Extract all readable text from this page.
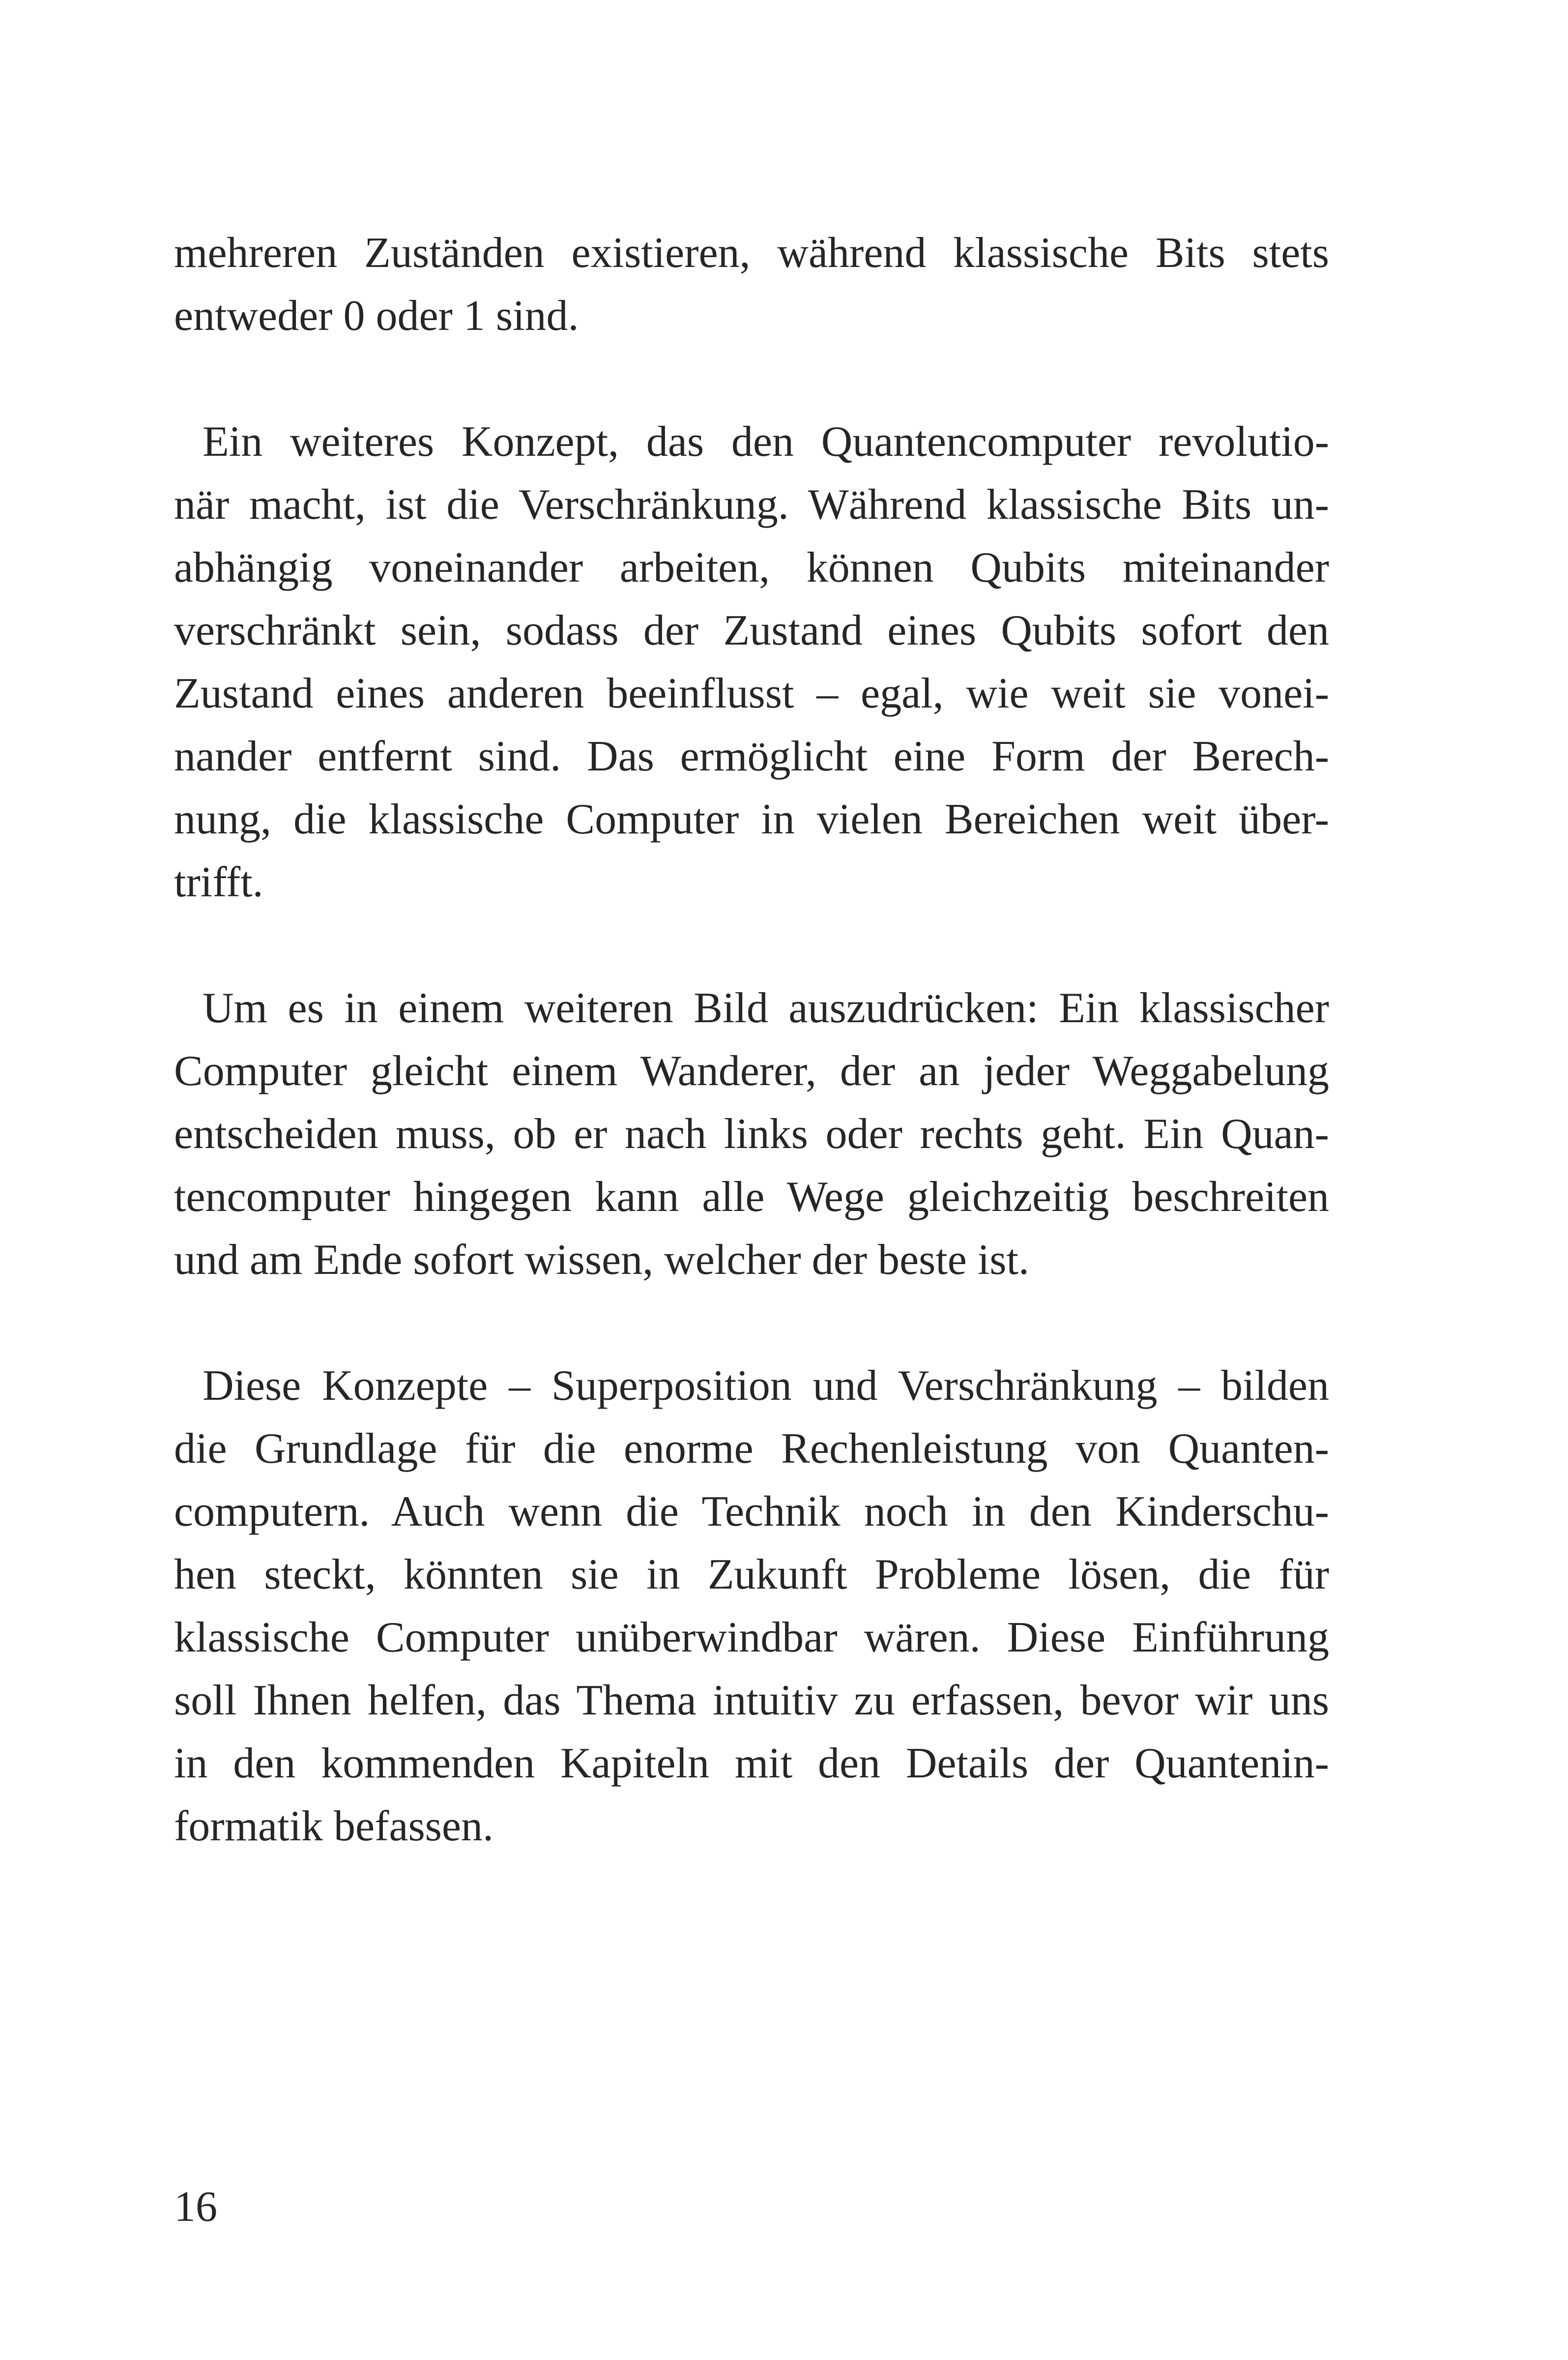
mehreren Zuständen existieren, während klassische Bits stets
entweder 0 oder 1 sind.
Ein weiteres Konzept, das den Quantencomputer revolutio-
när macht, ist die Verschränkung. Während klassische Bits un-
abhängig voneinander arbeiten, können Qubits miteinander
verschränkt sein, sodass der Zustand eines Qubits sofort den
Zustand eines anderen beeinflusst – egal, wie weit sie vonei-
nander entfernt sind. Das ermöglicht eine Form der Berech-
nung, die klassische Computer in vielen Bereichen weit über-
trifft.
Um es in einem weiteren Bild auszudrücken: Ein klassischer
Computer gleicht einem Wanderer, der an jeder Weggabelung
entscheiden muss, ob er nach links oder rechts geht. Ein Quan-
tencomputer hingegen kann alle Wege gleichzeitig beschreiten
und am Ende sofort wissen, welcher der beste ist.
Diese Konzepte – Superposition und Verschränkung – bilden
die Grundlage für die enorme Rechenleistung von Quanten-
computern. Auch wenn die Technik noch in den Kinderschu-
hen steckt, könnten sie in Zukunft Probleme lösen, die für
klassische Computer unüberwindbar wären. Diese Einführung
soll Ihnen helfen, das Thema intuitiv zu erfassen, bevor wir uns
in den kommenden Kapiteln mit den Details der Quantenin-
formatik befassen.
16
